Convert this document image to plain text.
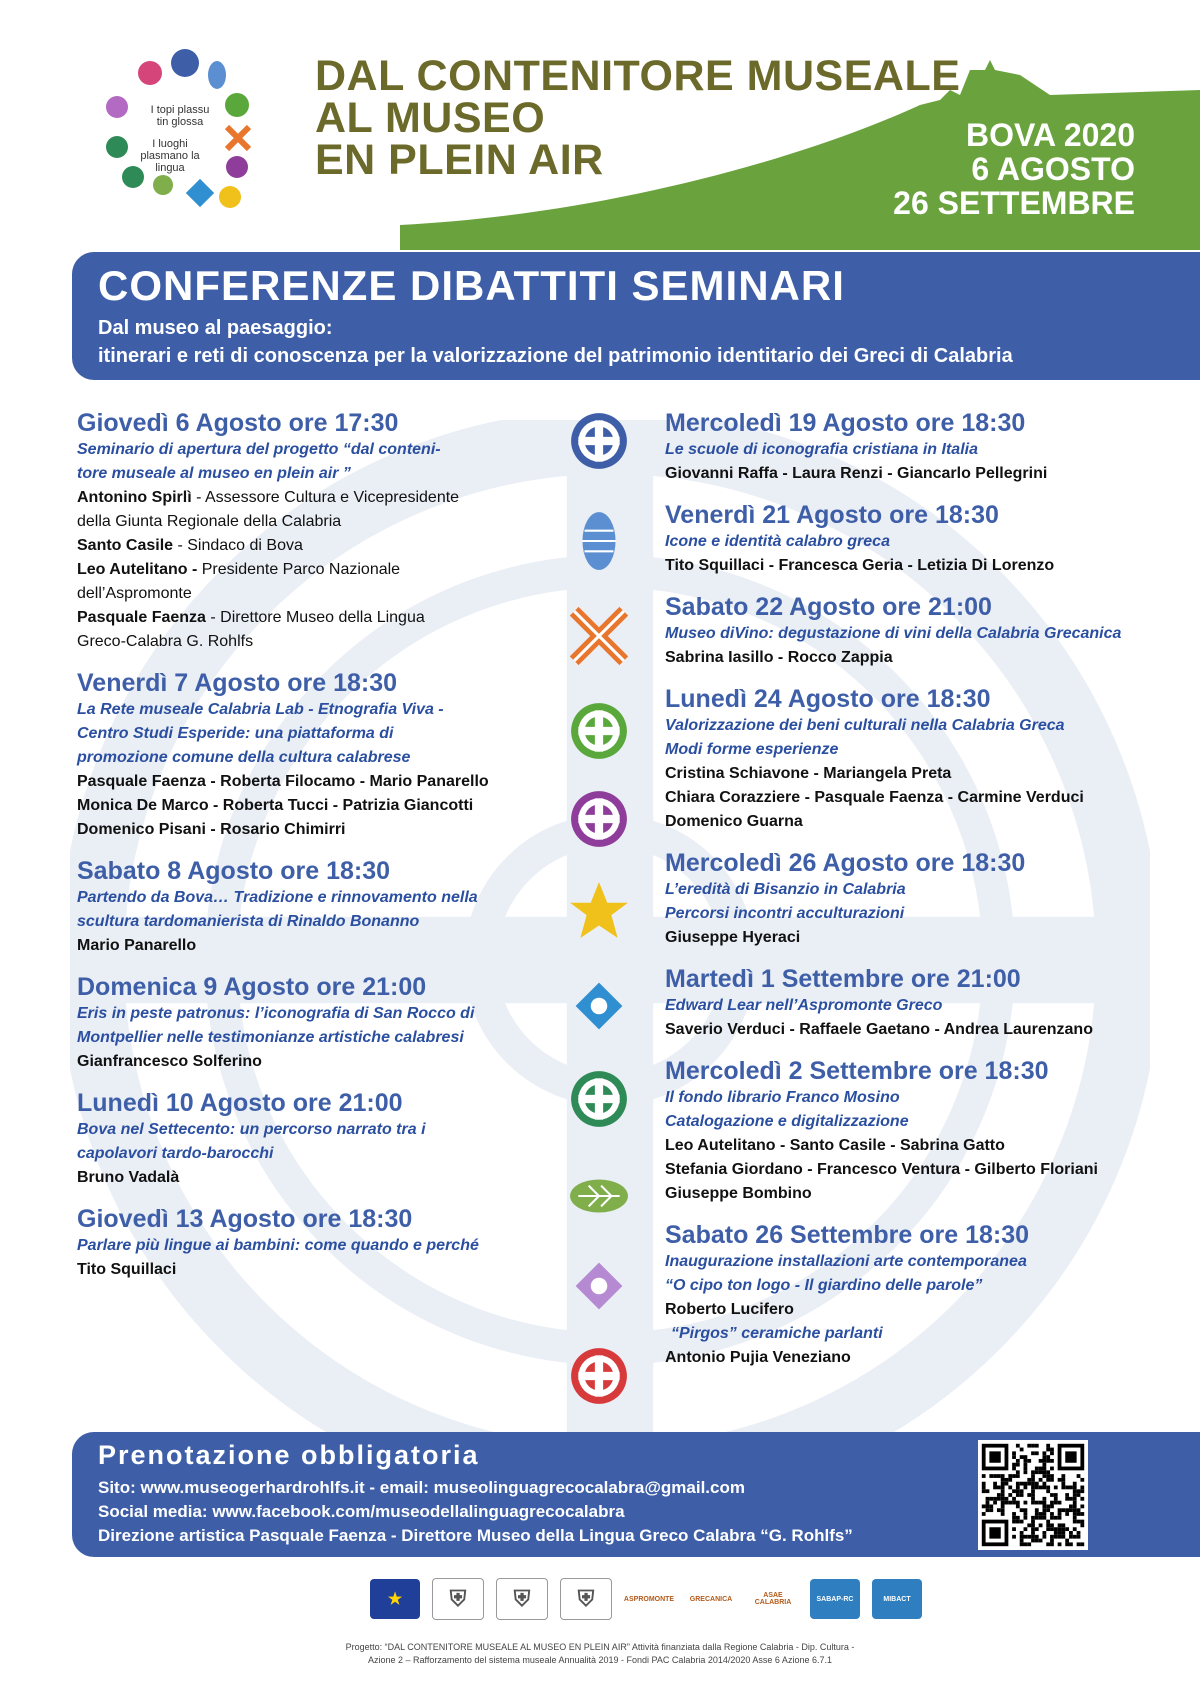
I topi plassu tin glossa
I luoghi plasmano la lingua
DAL CONTENITORE MUSEALE
AL MUSEO
EN PLEIN AIR
BOVA 2020
6 AGOSTO
26 SETTEMBRE
CONFERENZE DIBATTITI SEMINARI
Dal museo al paesaggio:
itinerari e reti di conoscenza per la valorizzazione del patrimonio identitario dei Greci di Calabria
Giovedì 6 Agosto ore 17:30
Seminario di apertura del progetto “dal conteni-
tore museale al museo en plein air ”
Antonino Spirlì - Assessore Cultura e Vicepresidente
della Giunta Regionale della Calabria
Santo Casile - Sindaco di Bova
Leo Autelitano - Presidente Parco Nazionale
dell’Aspromonte
Pasquale Faenza - Direttore Museo della Lingua
Greco-Calabra G. Rohlfs
Venerdì 7 Agosto ore 18:30
La Rete museale Calabria Lab - Etnografia Viva -
Centro Studi Esperide: una piattaforma di
promozione comune della cultura calabrese
Pasquale Faenza - Roberta Filocamo - Mario Panarello
Monica De Marco - Roberta Tucci - Patrizia Giancotti
Domenico Pisani - Rosario Chimirri
Sabato 8 Agosto ore 18:30
Partendo da Bova… Tradizione e rinnovamento nella
scultura tardomanierista di Rinaldo Bonanno
Mario Panarello
Domenica 9 Agosto ore 21:00
Eris in peste patronus: l’iconografia di San Rocco di
Montpellier nelle testimonianze artistiche calabresi
Gianfrancesco Solferino
Lunedì 10 Agosto ore 21:00
Bova nel Settecento: un percorso narrato tra i
capolavori tardo-barocchi
Bruno Vadalà
Giovedì 13 Agosto ore 18:30
Parlare più lingue ai bambini: come quando e perché
Tito Squillaci
Mercoledì 19 Agosto ore 18:30
Le scuole di iconografia cristiana in Italia
Giovanni Raffa - Laura Renzi - Giancarlo Pellegrini
Venerdì 21 Agosto ore 18:30
Icone e identità calabro greca
Tito Squillaci - Francesca Geria - Letizia Di Lorenzo
Sabato 22 Agosto ore 21:00
Museo diVino: degustazione di vini della Calabria Grecanica
Sabrina Iasillo - Rocco Zappia
Lunedì 24 Agosto ore 18:30
Valorizzazione dei beni culturali nella Calabria Greca
Modi forme esperienze
Cristina Schiavone - Mariangela Preta
Chiara Corazziere - Pasquale Faenza - Carmine Verduci
Domenico Guarna
Mercoledì 26 Agosto ore 18:30
L’eredità di Bisanzio in Calabria
Percorsi incontri acculturazioni
Giuseppe Hyeraci
Martedì 1 Settembre ore 21:00
Edward Lear nell’Aspromonte Greco
Saverio Verduci - Raffaele Gaetano - Andrea Laurenzano
Mercoledì 2 Settembre ore 18:30
Il fondo librario Franco Mosino
Catalogazione e digitalizzazione
Leo Autelitano - Santo Casile - Sabrina Gatto
Stefania Giordano - Francesco Ventura - Gilberto Floriani
Giuseppe Bombino
Sabato 26 Settembre ore 18:30
Inaugurazione installazioni arte contemporanea
“O cipo ton logo - Il giardino delle parole”
Roberto Lucifero
“Pirgos” ceramiche parlanti
Antonio Pujia Veneziano
Prenotazione obbligatoria
Sito: www.museogerhardrohlfs.it - email: museolinguagrecocalabra@gmail.com
Social media: www.facebook.com/museodellalinguagrecocalabra
Direzione artistica Pasquale Faenza - Direttore Museo della Lingua Greco Calabra “G. Rohlfs”
★ ⛨ ⛨ ⛨	ASPROMONTE	GRECANICA	ASAE CALABRIA	SABAP-RC	MIBACT
Progetto: “DAL CONTENITORE MUSEALE AL MUSEO EN PLEIN AIR” Attività finanziata dalla Regione Calabria - Dip. Cultura -
Azione 2 – Rafforzamento del sistema museale Annualità 2019 - Fondi PAC Calabria 2014/2020 Asse 6 Azione 6.7.1
